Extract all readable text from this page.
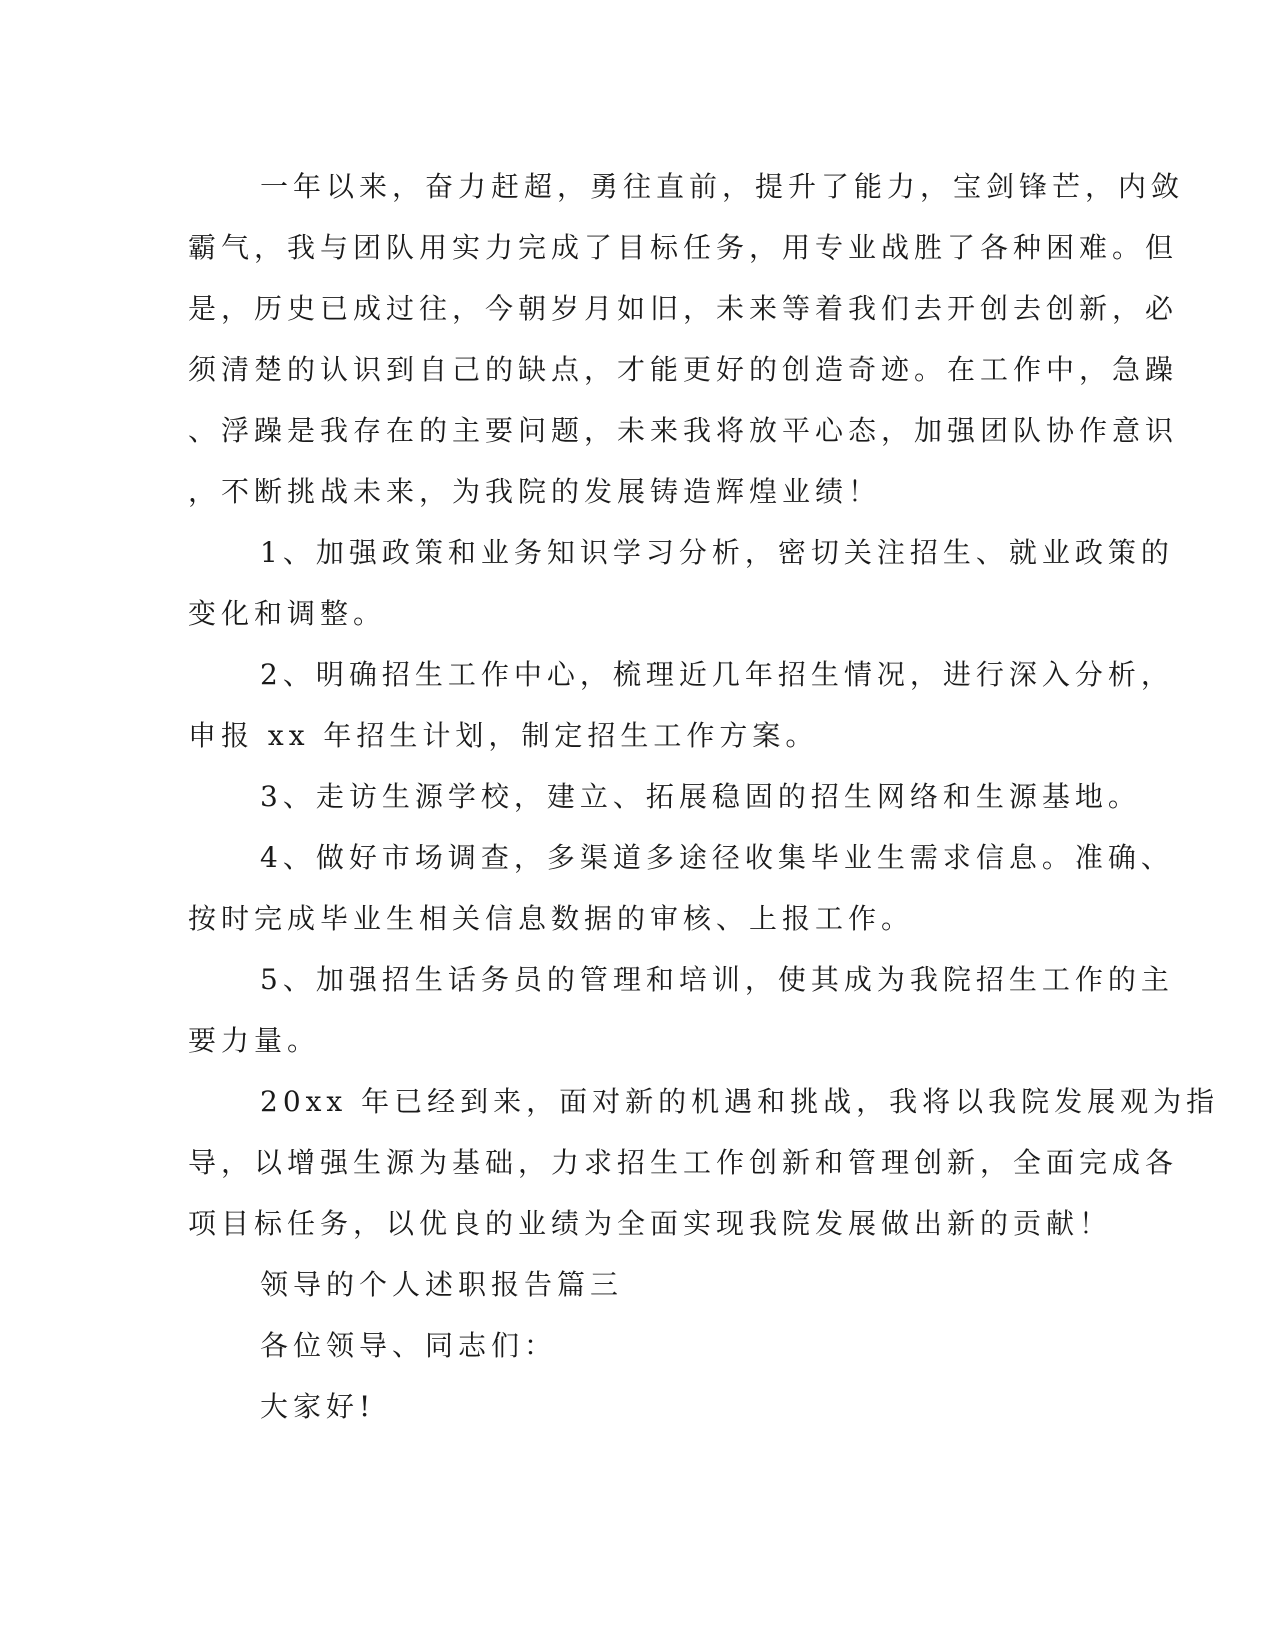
一年以来，奋力赶超，勇往直前，提升了能力，宝剑锋芒，内敛
霸气，我与团队用实力完成了目标任务，用专业战胜了各种困难。但
是，历史已成过往，今朝岁月如旧，未来等着我们去开创去创新，必
须清楚的认识到自己的缺点，才能更好的创造奇迹。在工作中，急躁
、浮躁是我存在的主要问题，未来我将放平心态，加强团队协作意识
，不断挑战未来，为我院的发展铸造辉煌业绩！
1、加强政策和业务知识学习分析，密切关注招生、就业政策的
变化和调整。
2、明确招生工作中心，梳理近几年招生情况，进行深入分析，
申报 xx 年招生计划，制定招生工作方案。
3、走访生源学校，建立、拓展稳固的招生网络和生源基地。
4、做好市场调查，多渠道多途径收集毕业生需求信息。准确、
按时完成毕业生相关信息数据的审核、上报工作。
5、加强招生话务员的管理和培训，使其成为我院招生工作的主
要力量。
20xx 年已经到来，面对新的机遇和挑战，我将以我院发展观为指
导，以增强生源为基础，力求招生工作创新和管理创新，全面完成各
项目标任务，以优良的业绩为全面实现我院发展做出新的贡献！
领导的个人述职报告篇三
各位领导、同志们：
大家好!
